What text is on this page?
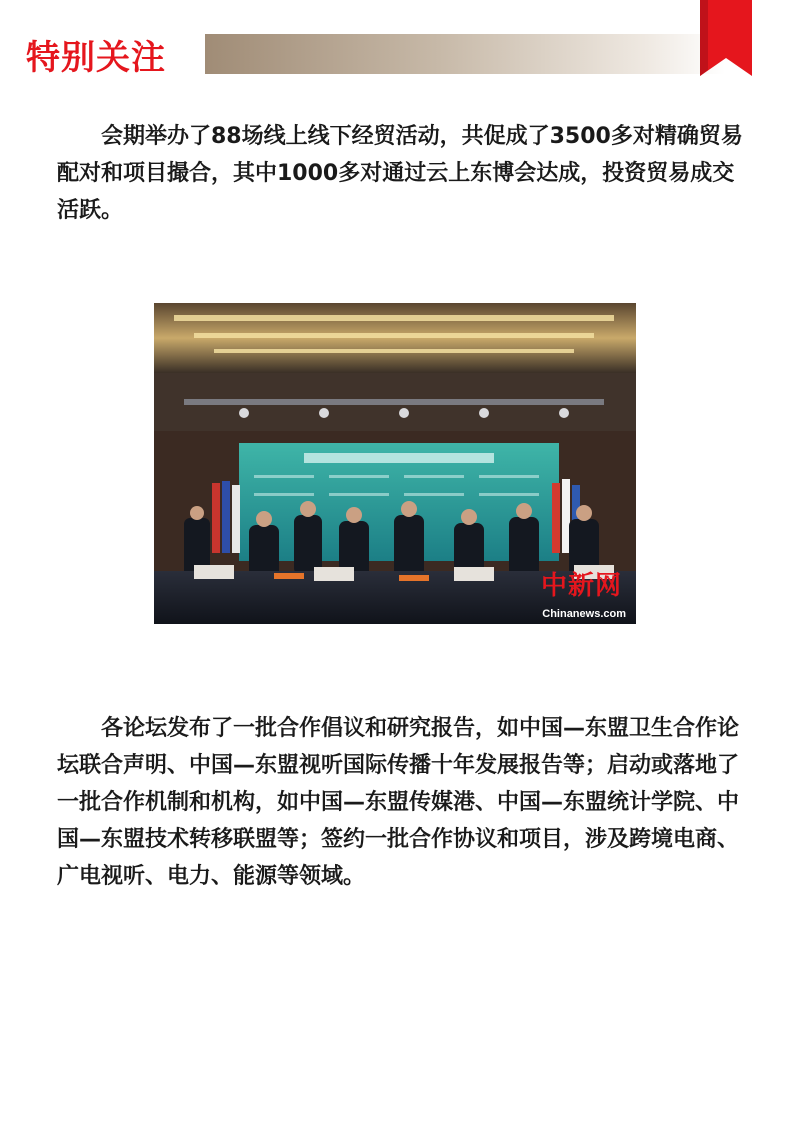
特别关注

会期举办了88场线上线下经贸活动，共促成了3500多对精确贸易配对和项目撮合，其中1000多对通过云上东博会达成，投资贸易成交活跃。

中新网
Chinanews.com

各论坛发布了一批合作倡议和研究报告，如中国—东盟卫生合作论坛联合声明、中国—东盟视听国际传播十年发展报告等；启动或落地了一批合作机制和机构，如中国—东盟传媒港、中国—东盟统计学院、中国—东盟技术转移联盟等；签约一批合作协议和项目，涉及跨境电商、广电视听、电力、能源等领域。
